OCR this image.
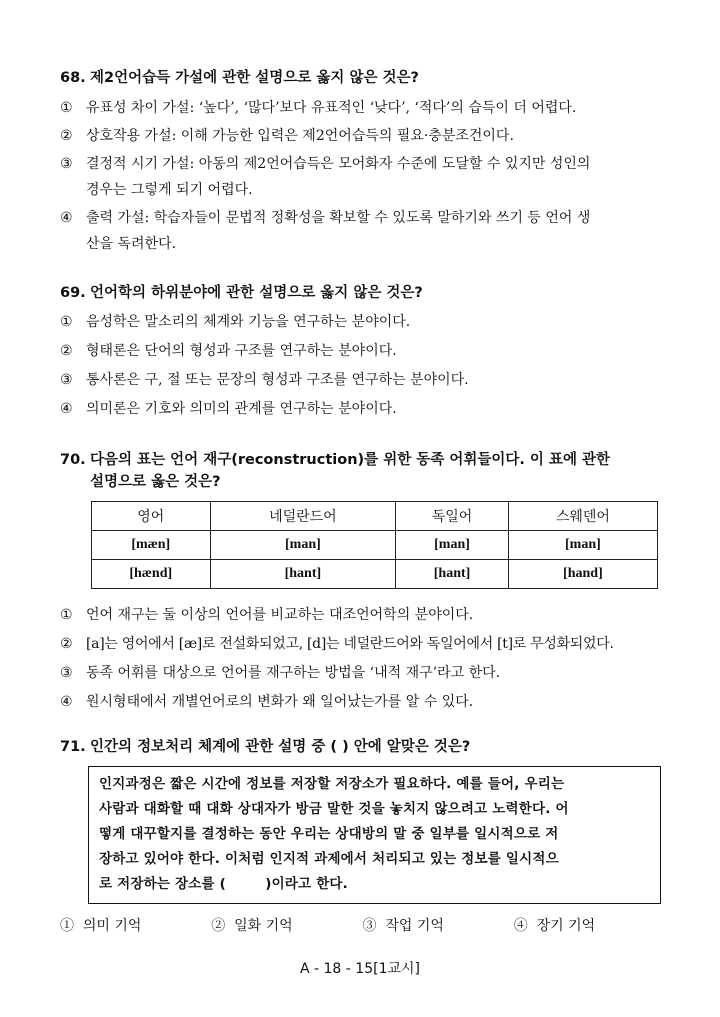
68. 제2언어습득 가설에 관한 설명으로 옳지 않은 것은?
① 유표성 차이 가설: ‘높다’, ‘많다’보다 유표적인 ‘낮다’, ‘적다’의 습득이 더 어렵다.
② 상호작용 가설: 이해 가능한 입력은 제2언어습득의 필요·충분조건이다.
③ 결정적 시기 가설: 아동의 제2언어습득은 모어화자 수준에 도달할 수 있지만 성인의
경우는 그렇게 되기 어렵다.
④ 출력 가설: 학습자들이 문법적 정확성을 확보할 수 있도록 말하기와 쓰기 등 언어 생
산을 독려한다.
69. 언어학의 하위분야에 관한 설명으로 옳지 않은 것은?
① 음성학은 말소리의 체계와 기능을 연구하는 분야이다.
② 형태론은 단어의 형성과 구조를 연구하는 분야이다.
③ 통사론은 구, 절 또는 문장의 형성과 구조를 연구하는 분야이다.
④ 의미론은 기호와 의미의 관계를 연구하는 분야이다.
70. 다음의 표는 언어 재구(reconstruction)를 위한 동족 어휘들이다. 이 표에 관한
설명으로 옳은 것은?
영어	네덜란드어	독일어	스웨덴어
[mæn]	[man]	[man]	[man]
[hænd]	[hant]	[hant]	[hand]
① 언어 재구는 둘 이상의 언어를 비교하는 대조언어학의 분야이다.
② [a]는 영어에서 [æ]로 전설화되었고, [d]는 네덜란드어와 독일어에서 [t]로 무성화되었다.
③ 동족 어휘를 대상으로 언어를 재구하는 방법을 ‘내적 재구’라고 한다.
④ 원시형태에서 개별언어로의 변화가 왜 일어났는가를 알 수 있다.
71. 인간의 정보처리 체계에 관한 설명 중 ( ) 안에 알맞은 것은?
인지과정은 짧은 시간에 정보를 저장할 저장소가 필요하다. 예를 들어, 우리는
사람과 대화할 때 대화 상대자가 방금 말한 것을 놓치지 않으려고 노력한다. 어
떻게 대꾸할지를 결정하는 동안 우리는 상대방의 말 중 일부를 일시적으로 저
장하고 있어야 한다. 이처럼 인지적 과제에서 처리되고 있는 정보를 일시적으
로 저장하는 장소를 (        )이라고 한다.
① 의미 기억	② 일화 기억	③ 작업 기억	④ 장기 기억
A - 18 - 15[1교시]
